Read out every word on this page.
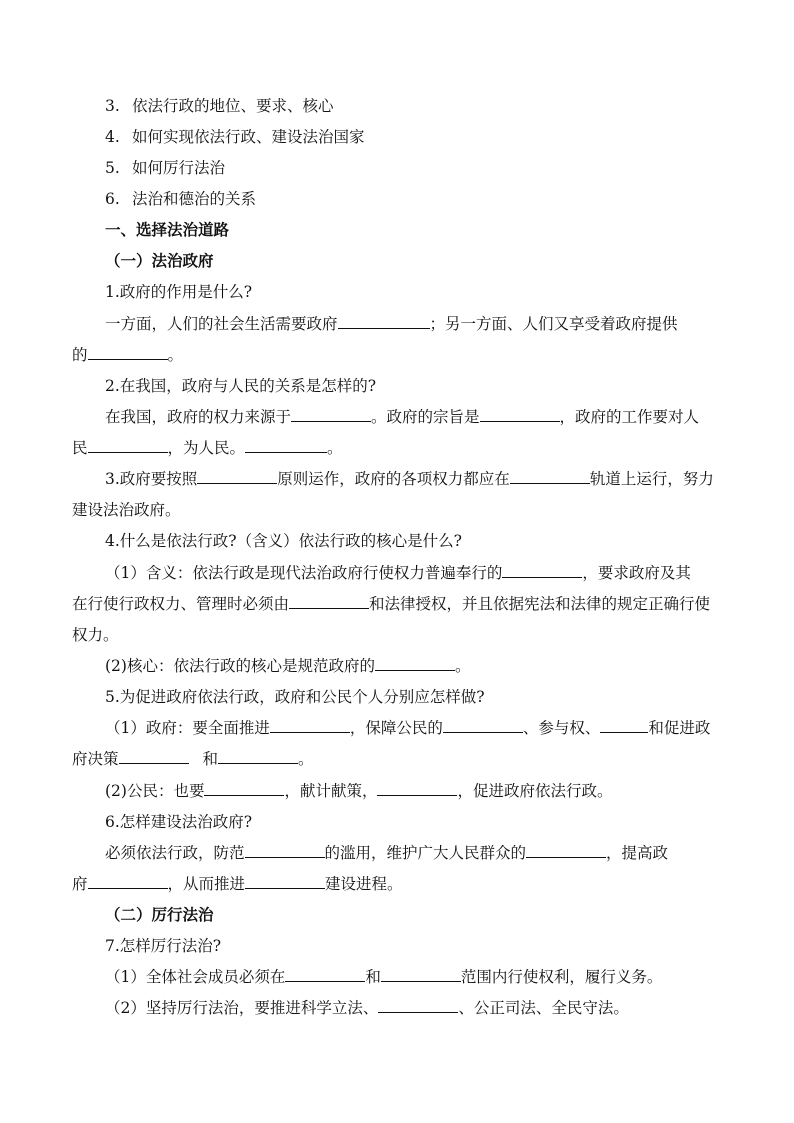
3. 依法行政的地位、要求、核心
4. 如何实现依法行政、建设法治国家
5. 如何厉行法治
6. 法治和德治的关系
一、选择法治道路
（一）法治政府
1.政府的作用是什么?
一方面，人们的社会生活需要政府	；另一方面、人们又享受着政府提供
的	。
2.在我国，政府与人民的关系是怎样的?
在我国，政府的权力来源于	。政府的宗旨是	，政府的工作要对人
民	，为人民。	。
3.政府要按照	原则运作，政府的各项权力都应在	轨道上运行，努力
建设法治政府。
4.什么是依法行政?（含义）依法行政的核心是什么?
（1）含义：依法行政是现代法治政府行使权力普遍奉行的	，要求政府及其
在行使行政权力、管理时必须由	和法律授权，并且依据宪法和法律的规定正确行使
权力。
(2)核心：依法行政的核心是规范政府的	。
5.为促进政府依法行政，政府和公民个人分别应怎样做?
（1）政府：要全面推进	，保障公民的	、参与权、	和促进政
府决策	和	。
(2)公民：也要	，献计献策，	，促进政府依法行政。
6.怎样建设法治政府?
必须依法行政，防范	的滥用，维护广大人民群众的	，提高政
府	，从而推进	建设进程。
（二）厉行法治
7.怎样厉行法治?
（1）全体社会成员必须在	和	范围内行使权利，履行义务。
（2）坚持厉行法治，要推进科学立法、	、公正司法、全民守法。
